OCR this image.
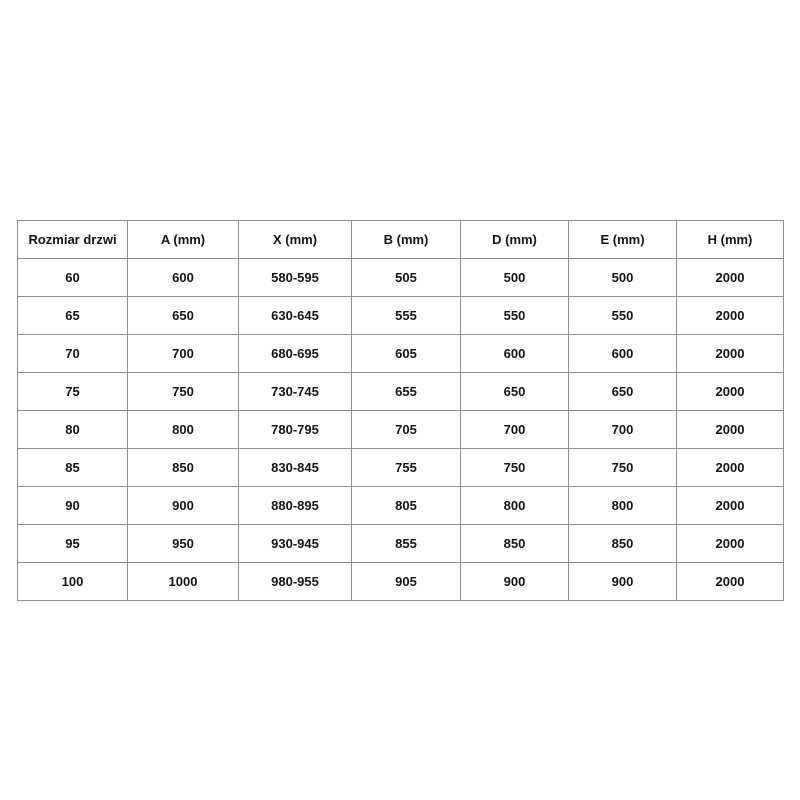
Rozmiar drzwi	A (mm)	X (mm)	B (mm)	D (mm)	E (mm)	H (mm)
60	600	580-595	505	500	500	2000
65	650	630-645	555	550	550	2000
70	700	680-695	605	600	600	2000
75	750	730-745	655	650	650	2000
80	800	780-795	705	700	700	2000
85	850	830-845	755	750	750	2000
90	900	880-895	805	800	800	2000
95	950	930-945	855	850	850	2000
100	1000	980-955	905	900	900	2000
